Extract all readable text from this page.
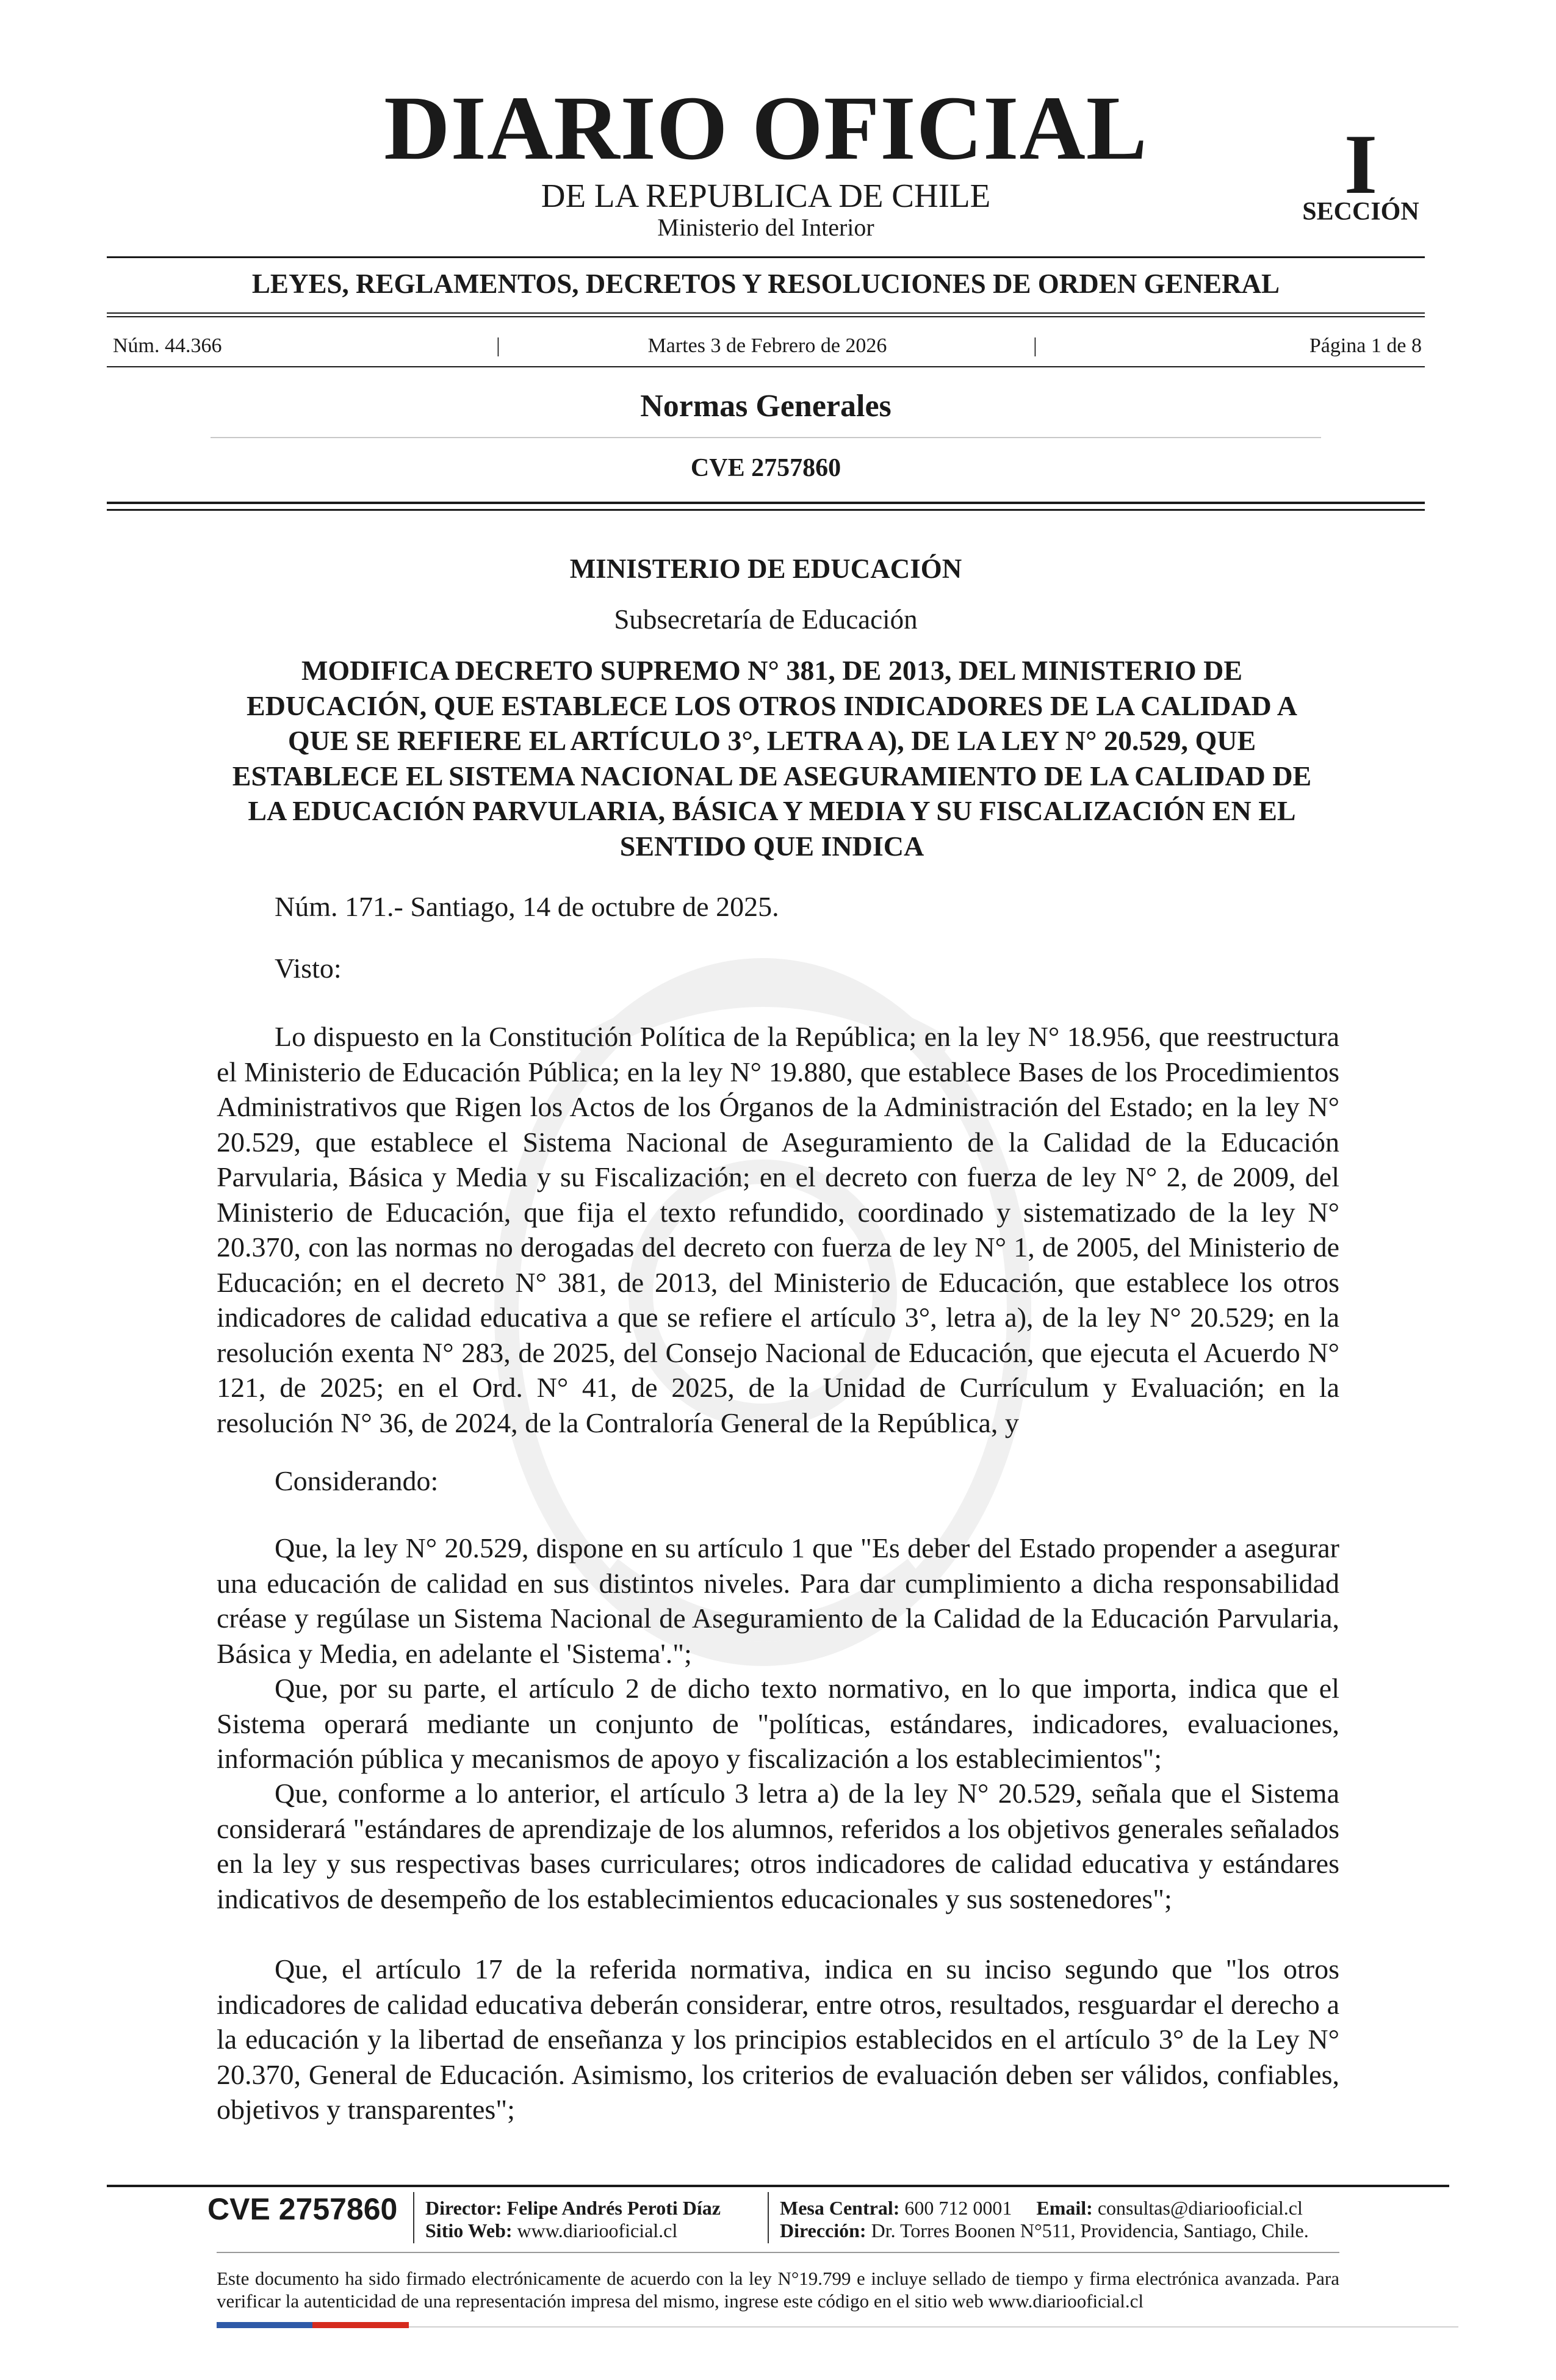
DIARIO OFICIAL
DE LA REPUBLICA DE CHILE
Ministerio del Interior
I
SECCIÓN
LEYES, REGLAMENTOS, DECRETOS Y RESOLUCIONES DE ORDEN GENERAL
Núm. 44.366	|	Martes 3 de Febrero de 2026	|	Página 1 de 8
Normas Generales
CVE 2757860
MINISTERIO DE EDUCACIÓN
Subsecretaría de Educación
MODIFICA DECRETO SUPREMO N° 381, DE 2013, DEL MINISTERIO DE EDUCACIÓN, QUE ESTABLECE LOS OTROS INDICADORES DE LA CALIDAD A QUE SE REFIERE EL ARTÍCULO 3°, LETRA A), DE LA LEY N° 20.529, QUE ESTABLECE EL SISTEMA NACIONAL DE ASEGURAMIENTO DE LA CALIDAD DE LA EDUCACIÓN PARVULARIA, BÁSICA Y MEDIA Y SU FISCALIZACIÓN EN EL SENTIDO QUE INDICA
Núm. 171.- Santiago, 14 de octubre de 2025.
Visto:
Lo dispuesto en la Constitución Política de la República; en la ley N° 18.956, que reestructura el Ministerio de Educación Pública; en la ley N° 19.880, que establece Bases de los Procedimientos Administrativos que Rigen los Actos de los Órganos de la Administración del Estado; en la ley N° 20.529, que establece el Sistema Nacional de Aseguramiento de la Calidad de la Educación Parvularia, Básica y Media y su Fiscalización; en el decreto con fuerza de ley N° 2, de 2009, del Ministerio de Educación, que fija el texto refundido, coordinado y sistematizado de la ley N° 20.370, con las normas no derogadas del decreto con fuerza de ley N° 1, de 2005, del Ministerio de Educación; en el decreto N° 381, de 2013, del Ministerio de Educación, que establece los otros indicadores de calidad educativa a que se refiere el artículo 3°, letra a), de la ley N° 20.529; en la resolución exenta N° 283, de 2025, del Consejo Nacional de Educación, que ejecuta el Acuerdo N° 121, de 2025; en el Ord. N° 41, de 2025, de la Unidad de Currículum y Evaluación; en la resolución N° 36, de 2024, de la Contraloría General de la República, y
Considerando:
Que, la ley N° 20.529, dispone en su artículo 1 que "Es deber del Estado propender a asegurar una educación de calidad en sus distintos niveles. Para dar cumplimiento a dicha responsabilidad créase y regúlase un Sistema Nacional de Aseguramiento de la Calidad de la Educación Parvularia, Básica y Media, en adelante el 'Sistema'.";
Que, por su parte, el artículo 2 de dicho texto normativo, en lo que importa, indica que el Sistema operará mediante un conjunto de "políticas, estándares, indicadores, evaluaciones, información pública y mecanismos de apoyo y fiscalización a los establecimientos";
Que, conforme a lo anterior, el artículo 3 letra a) de la ley N° 20.529, señala que el Sistema considerará "estándares de aprendizaje de los alumnos, referidos a los objetivos generales señalados en la ley y sus respectivas bases curriculares; otros indicadores de calidad educativa y estándares indicativos de desempeño de los establecimientos educacionales y sus sostenedores";
Que, el artículo 17 de la referida normativa, indica en su inciso segundo que "los otros indicadores de calidad educativa deberán considerar, entre otros, resultados, resguardar el derecho a la educación y la libertad de enseñanza y los principios establecidos en el artículo 3° de la Ley N° 20.370, General de Educación. Asimismo, los criterios de evaluación deben ser válidos, confiables, objetivos y transparentes";
CVE 2757860 Director: Felipe Andrés Peroti Díaz
Sitio Web: www.diariooficial.cl
Mesa Central: 600 712 0001 Email: consultas@diariooficial.cl
Dirección: Dr. Torres Boonen N°511, Providencia, Santiago, Chile.
Este documento ha sido firmado electrónicamente de acuerdo con la ley N°19.799 e incluye sellado de tiempo y firma electrónica avanzada. Para verificar la autenticidad de una representación impresa del mismo, ingrese este código en el sitio web www.diariooficial.cl
